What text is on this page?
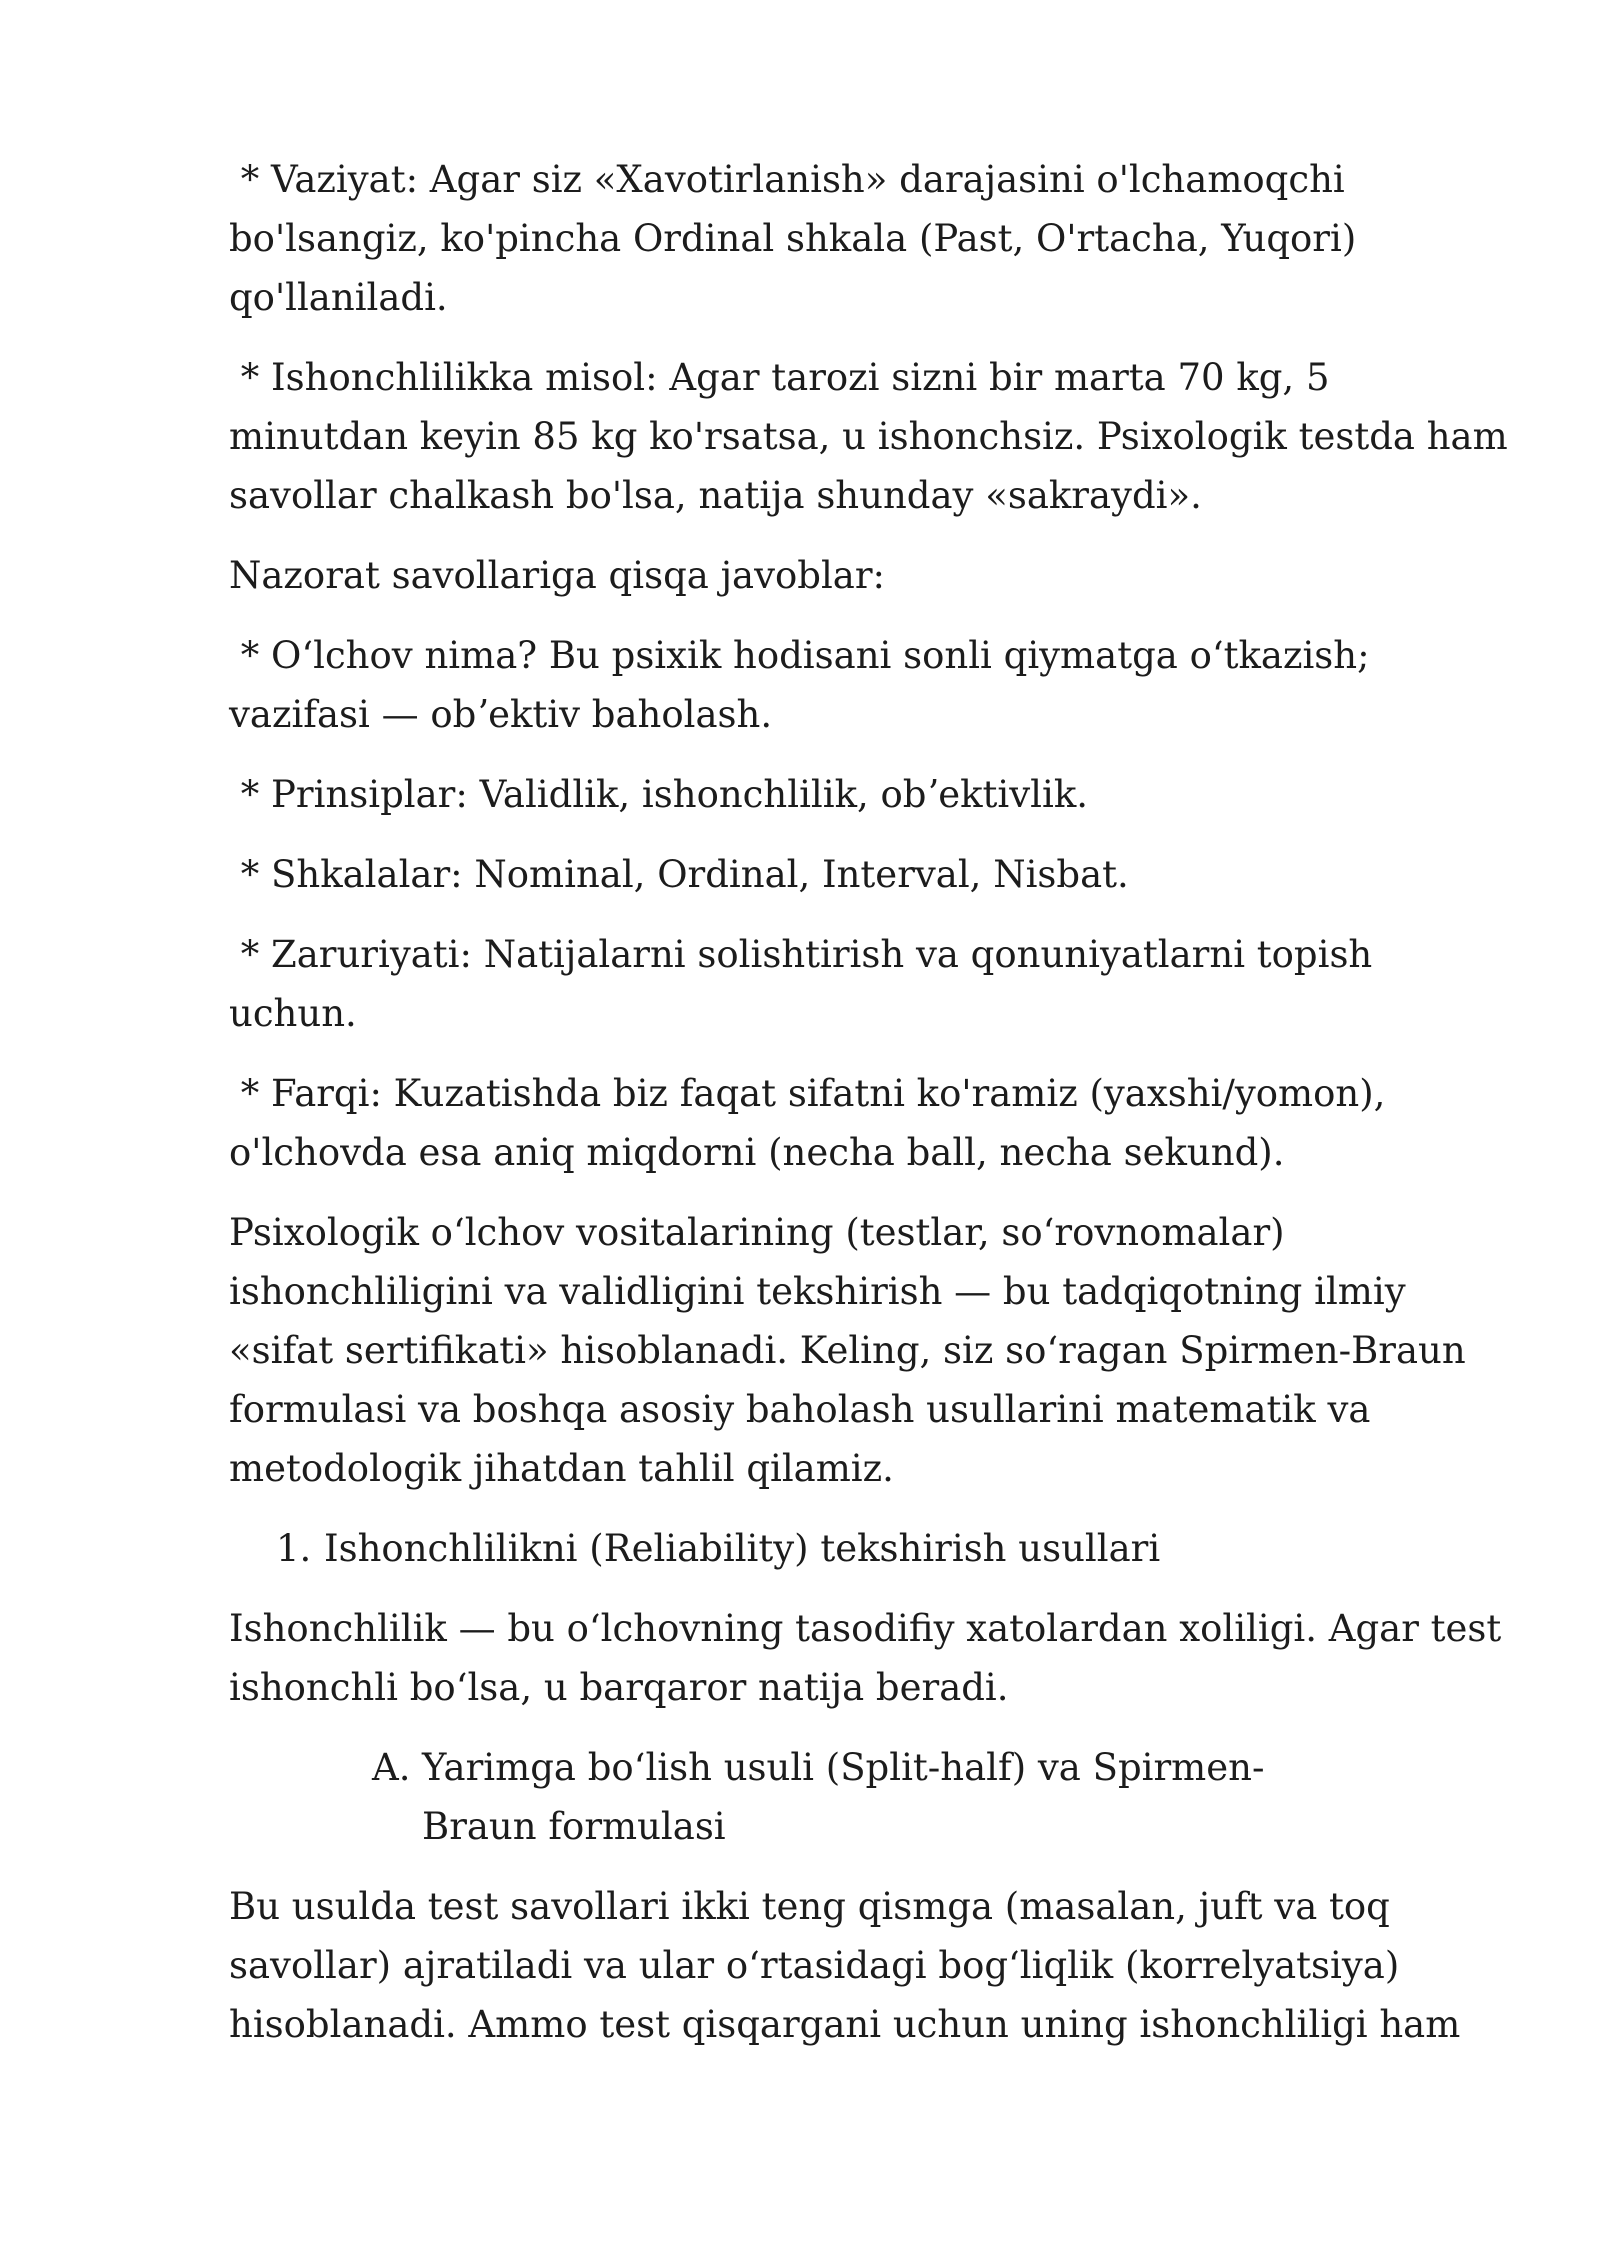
* Vaziyat: Agar siz «Xavotirlanish» darajasini o'lchamoqchi bo'lsangiz, ko'pincha Ordinal shkala (Past, O'rtacha, Yuqori) qo'llaniladi.

* Ishonchlilikka misol: Agar tarozi sizni bir marta 70 kg, 5 minutdan keyin 85 kg ko'rsatsa, u ishonchsiz. Psixologik testda ham savollar chalkash bo'lsa, natija shunday «sakraydi».

Nazorat savollariga qisqa javoblar:

* Oʻlchov nima? Bu psixik hodisani sonli qiymatga oʻtkazish; vazifasi — obʼektiv baholash.

* Prinsiplar: Validlik, ishonchlilik, obʼektivlik.

* Shkalalar: Nominal, Ordinal, Interval, Nisbat.

* Zaruriyati: Natijalarni solishtirish va qonuniyatlarni topish uchun.

* Farqi: Kuzatishda biz faqat sifatni ko'ramiz (yaxshi/yomon), o'lchovda esa aniq miqdorni (necha ball, necha sekund).

Psixologik oʻlchov vositalarining (testlar, soʻrovnomalar) ishonchliligini va validligini tekshirish — bu tadqiqotning ilmiy «sifat sertifikati» hisoblanadi. Keling, siz soʻragan Spirmen-Braun formulasi va boshqa asosiy baholash usullarini matematik va metodologik jihatdan tahlil qilamiz.

1. Ishonchlilikni (Reliability) tekshirish usullari

Ishonchlilik — bu oʻlchovning tasodifiy xatolardan xoliligi. Agar test ishonchli boʻlsa, u barqaror natija beradi.

A. Yarimga boʻlish usuli (Split-half) va Spirmen-Braun formulasi

Bu usulda test savollari ikki teng qismga (masalan, juft va toq savollar) ajratiladi va ular oʻrtasidagi bogʻliqlik (korrelyatsiya) hisoblanadi. Ammo test qisqargani uchun uning ishonchliligi ham
